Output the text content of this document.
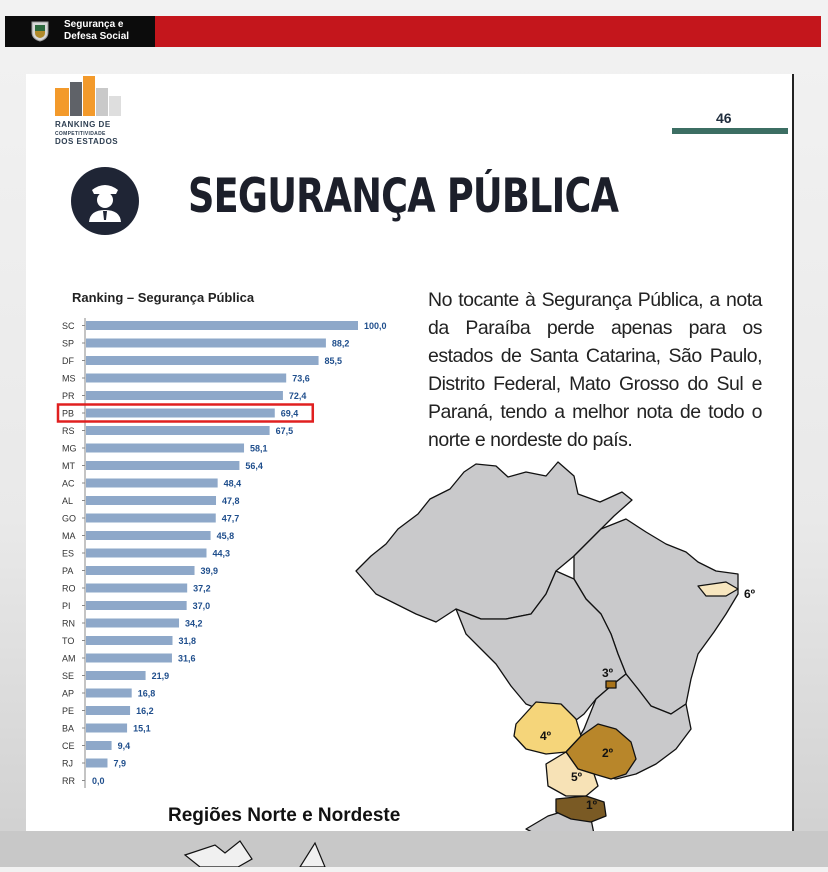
Segurança e Defesa Social
RANKING DE
COMPETITIVIDADE
DOS ESTADOS
46
SEGURANÇA PÚBLICA
Ranking – Segurança Pública
SC	100,0
SP	88,2
DF	85,5
MS	73,6
PR	72,4
PB	69,4
RS	67,5
MG	58,1
MT	56,4
AC	48,4
AL	47,8
GO	47,7
MA	45,8
ES	44,3
PA	39,9
RO	37,2
PI	37,0
RN	34,2
TO	31,8
AM	31,6
SE	21,9
AP	16,8
PE	16,2
BA	15,1
CE	9,4
RJ	7,9
RR 0,0
No tocante à Segurança Pública, a nota da Paraíba perde apenas para os estados de Santa Catarina, São Paulo, Distrito Federal, Mato Grosso do Sul e Paraná, tendo a melhor nota de todo o norte e nordeste do país.
1º
2º
3º
4º
5º
6º
Regiões Norte e Nordeste
